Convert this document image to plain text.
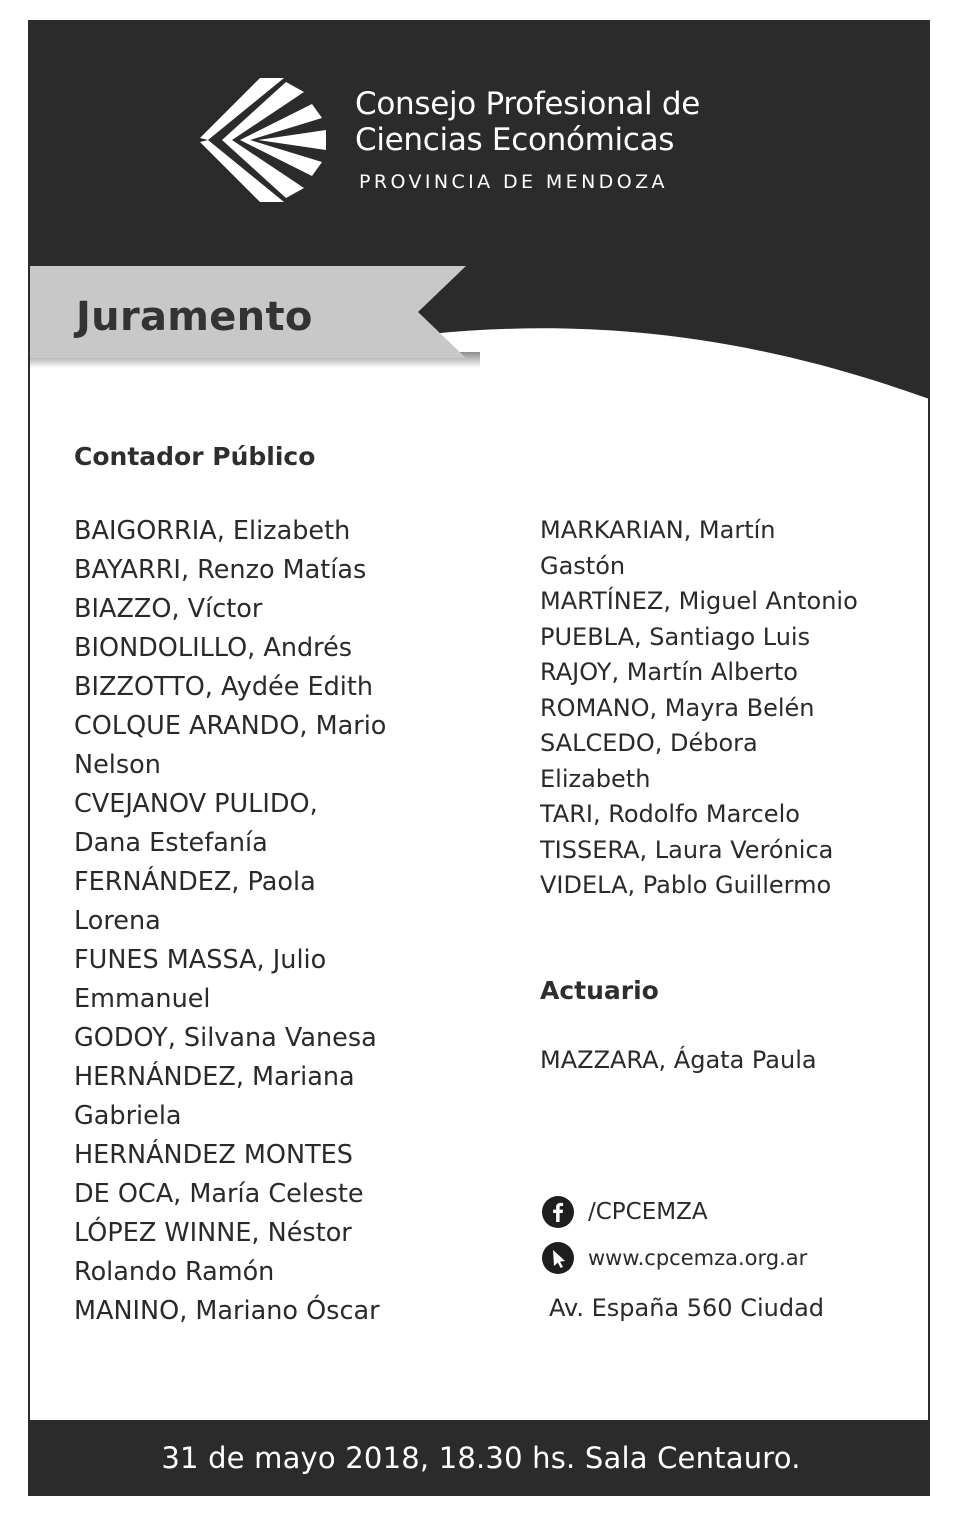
Consejo Profesional de
Ciencias Económicas
PROVINCIA DE MENDOZA
Juramento
Contador Público
BAIGORRIA, Elizabeth
BAYARRI, Renzo Matías
BIAZZO, Víctor
BIONDOLILLO, Andrés
BIZZOTTO, Aydée Edith
COLQUE ARANDO, Mario
Nelson
CVEJANOV PULIDO,
Dana Estefanía
FERNÁNDEZ, Paola
Lorena
FUNES MASSA, Julio
Emmanuel
GODOY, Silvana Vanesa
HERNÁNDEZ, Mariana
Gabriela
HERNÁNDEZ MONTES
DE OCA, María Celeste
LÓPEZ WINNE, Néstor
Rolando Ramón
MANINO, Mariano Óscar
MARKARIAN, Martín
Gastón
MARTÍNEZ, Miguel Antonio
PUEBLA, Santiago Luis
RAJOY, Martín Alberto
ROMANO, Mayra Belén
SALCEDO, Débora
Elizabeth
TARI, Rodolfo Marcelo
TISSERA, Laura Verónica
VIDELA, Pablo Guillermo
Actuario
MAZZARA, Ágata Paula
/CPCEMZA
www.cpcemza.org.ar
Av. España 560 Ciudad
31 de mayo 2018, 18.30 hs. Sala Centauro.
